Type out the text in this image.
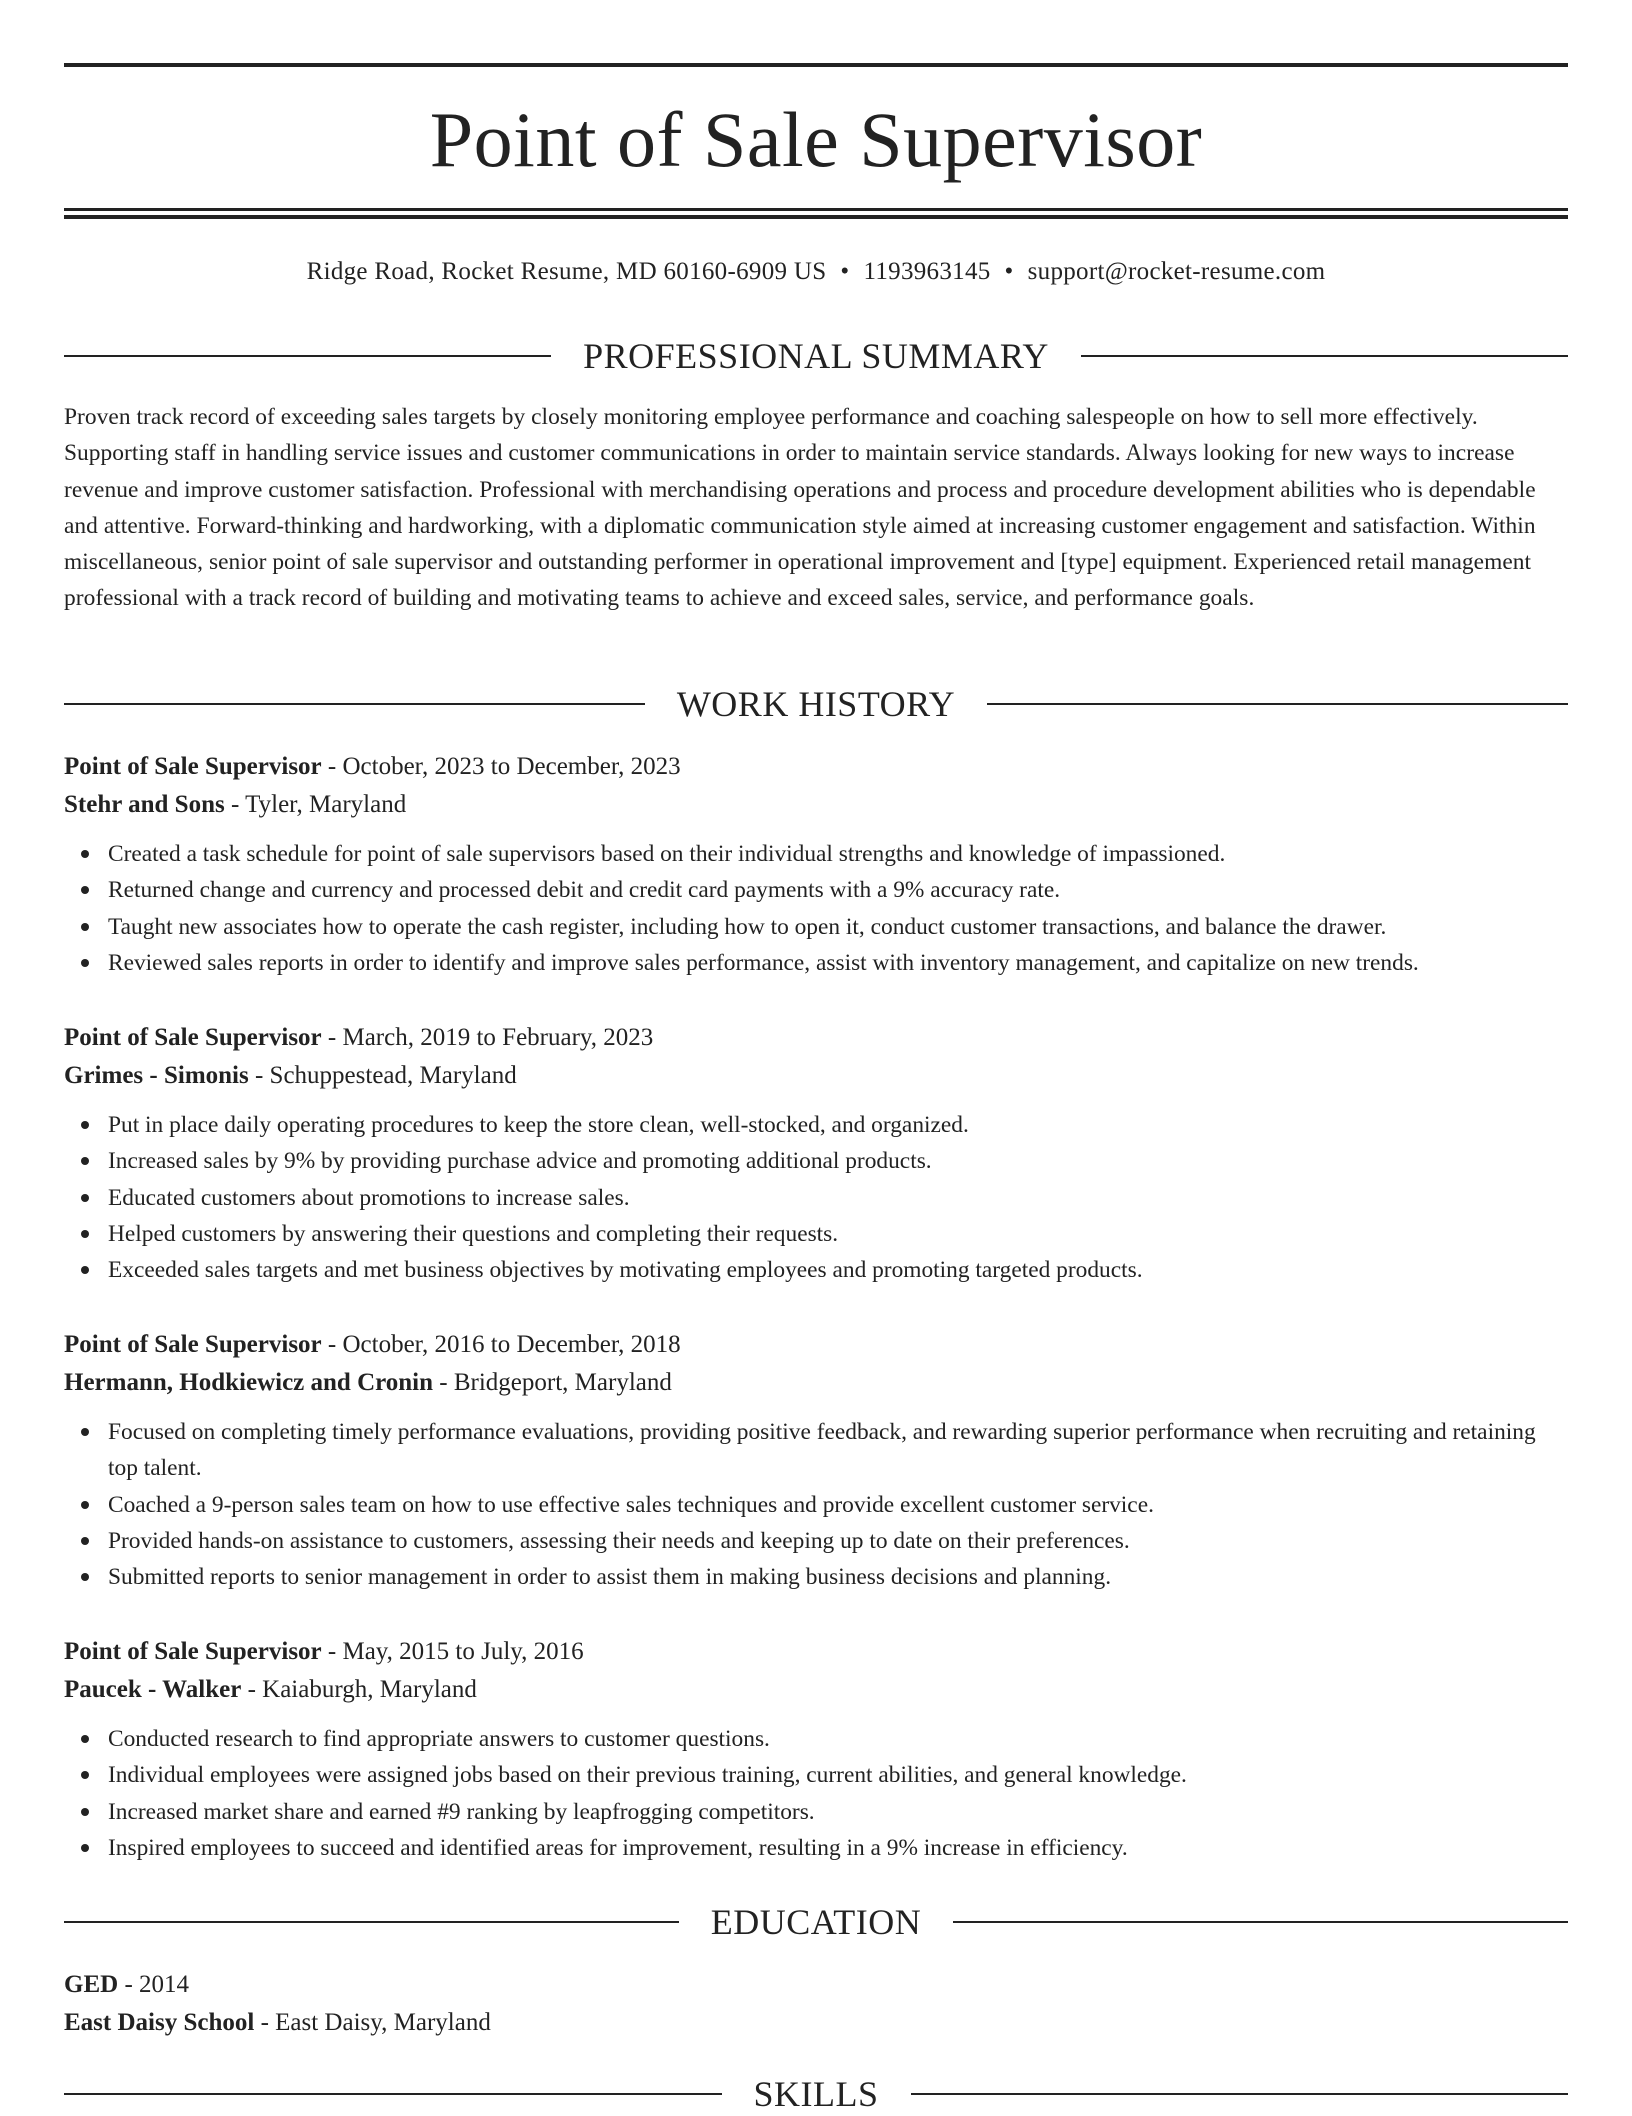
Point of Sale Supervisor
Ridge Road, Rocket Resume, MD 60160-6909 US • 1193963145 • support@rocket-resume.com
PROFESSIONAL SUMMARY

Proven track record of exceeding sales targets by closely monitoring employee performance and coaching salespeople on how to sell more effectively. Supporting staff in handling service issues and customer communications in order to maintain service standards. Always looking for new ways to increase revenue and improve customer satisfaction. Professional with merchandising operations and process and procedure development abilities who is dependable and attentive. Forward-thinking and hardworking, with a diplomatic communication style aimed at increasing customer engagement and satisfaction. Within miscellaneous, senior point of sale supervisor and outstanding performer in operational improvement and [type] equipment. Experienced retail management professional with a track record of building and motivating teams to achieve and exceed sales, service, and performance goals.

WORK HISTORY

Point of Sale Supervisor - October, 2023 to December, 2023

Stehr and Sons - Tyler, Maryland

Created a task schedule for point of sale supervisors based on their individual strengths and knowledge of impassioned.
Returned change and currency and processed debit and credit card payments with a 9% accuracy rate.
Taught new associates how to operate the cash register, including how to open it, conduct customer transactions, and balance the drawer.
Reviewed sales reports in order to identify and improve sales performance, assist with inventory management, and capitalize on new trends.

Point of Sale Supervisor - March, 2019 to February, 2023

Grimes - Simonis - Schuppestead, Maryland

Put in place daily operating procedures to keep the store clean, well-stocked, and organized.
Increased sales by 9% by providing purchase advice and promoting additional products.
Educated customers about promotions to increase sales.
Helped customers by answering their questions and completing their requests.
Exceeded sales targets and met business objectives by motivating employees and promoting targeted products.

Point of Sale Supervisor - October, 2016 to December, 2018

Hermann, Hodkiewicz and Cronin - Bridgeport, Maryland

Focused on completing timely performance evaluations, providing positive feedback, and rewarding superior performance when recruiting and retaining top talent.
Coached a 9-person sales team on how to use effective sales techniques and provide excellent customer service.
Provided hands-on assistance to customers, assessing their needs and keeping up to date on their preferences.
Submitted reports to senior management in order to assist them in making business decisions and planning.

Point of Sale Supervisor - May, 2015 to July, 2016

Paucek - Walker - Kaiaburgh, Maryland

Conducted research to find appropriate answers to customer questions.
Individual employees were assigned jobs based on their previous training, current abilities, and general knowledge.
Increased market share and earned #9 ranking by leapfrogging competitors.
Inspired employees to succeed and identified areas for improvement, resulting in a 9% increase in efficiency.
EDUCATION

GED - 2014

East Daisy School - East Daisy, Maryland

SKILLS
